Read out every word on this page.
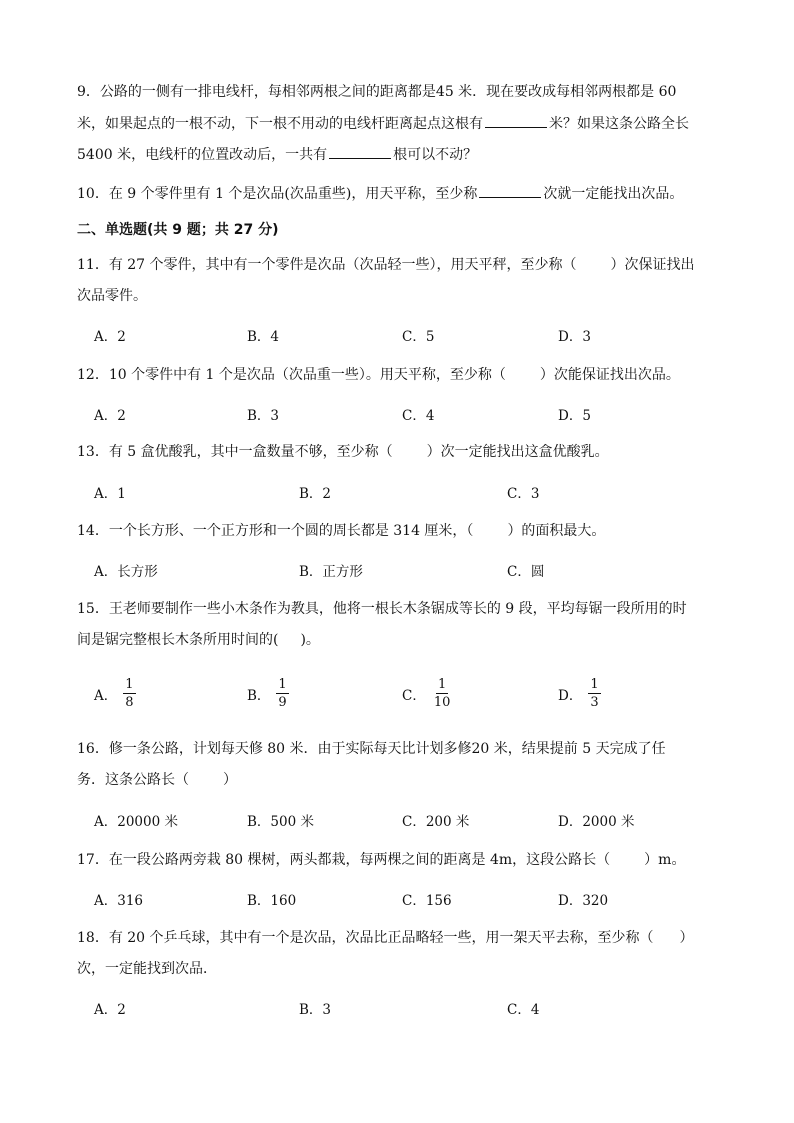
9．公路的一侧有一排电线杆，每相邻两根之间的距离都是45 米．现在要改成每相邻两根都是 60
米，如果起点的一根不动，下一根不用动的电线杆距离起点这根有	米？如果这条公路全长
5400 米，电线杆的位置改动后，一共有	根可以不动？
10．在 9 个零件里有 1 个是次品(次品重些)，用天平称，至少称	次就一定能找出次品。
二、单选题(共 9 题；共 27 分)
11．有 27 个零件，其中有一个零件是次品（次品轻一些），用天平秤，至少称（ ）次保证找出
次品零件。
A．2	B．4	C．5	D．3
12．10 个零件中有 1 个是次品（次品重一些）。用天平称，至少称（ ）次能保证找出次品。
A．2	B．3	C．4	D．5
13．有 5 盒优酸乳，其中一盒数量不够，至少称（ ）次一定能找出这盒优酸乳。
A．1	B．2	C．3
14．一个长方形、一个正方形和一个圆的周长都是 314 厘米，（ ）的面积最大。
A．长方形	B．正方形	C．圆
15．王老师要制作一些小木条作为教具，他将一根长木条锯成等长的 9 段，平均每锯一段所用的时
间是锯完整根长木条所用时间的( )。
A． $\frac{1}{8}$	B． $\frac{1}{9}$	C． $\frac{1}{10}$	D． $\frac{1}{3}$
16．修一条公路，计划每天修 80 米．由于实际每天比计划多修20 米，结果提前 5 天完成了任
务．这条公路长（ ）
A．20000 米	B．500 米	C．200 米	D．2000 米
17．在一段公路两旁栽 80 棵树，两头都栽，每两棵之间的距离是 4m，这段公路长（ ）m。
A．316	B．160	C．156	D．320
18．有 20 个乒乓球，其中有一个是次品，次品比正品略轻一些，用一架天平去称，至少称（ ）
次，一定能找到次品．
A．2	B．3	C．4
